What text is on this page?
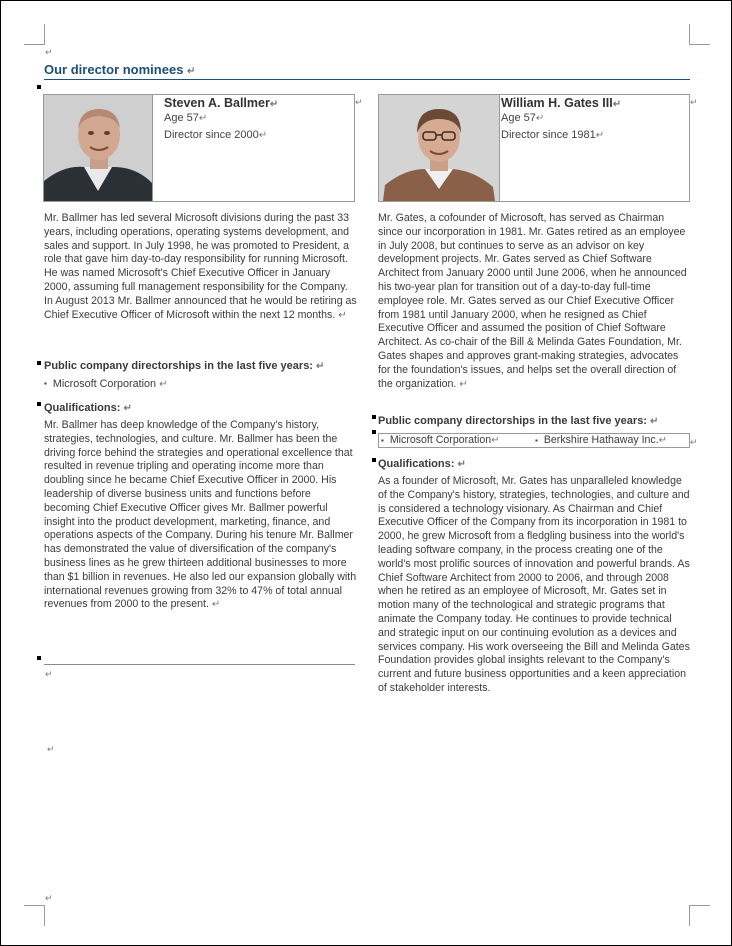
↵
↵
↵
↵
Our director nominees ↵
Steven A. Ballmer↵
Age 57↵
Director since 2000↵
↵
Mr. Ballmer has led several Microsoft divisions during the past 33 years, including operations, operating systems development, and sales and support. In July 1998, he was promoted to President, a role that gave him day-to-day responsibility for running Microsoft. He was named Microsoft's Chief Executive Officer in January 2000, assuming full management responsibility for the Company. In August 2013 Mr. Ballmer announced that he would be retiring as Chief Executive Officer of Microsoft within the next 12 months. ↵
Public company directorships in the last five years: ↵
▪ Microsoft Corporation ↵
Qualifications: ↵
Mr. Ballmer has deep knowledge of the Company's history, strategies, technologies, and culture. Mr. Ballmer has been the driving force behind the strategies and operational excellence that resulted in revenue tripling and operating income more than doubling since he became Chief Executive Officer in 2000. His leadership of diverse business units and functions before becoming Chief Executive Officer gives Mr. Ballmer powerful insight into the product development, marketing, finance, and operations aspects of the Company. During his tenure Mr. Ballmer has demonstrated the value of diversification of the company's business lines as he grew thirteen additional businesses to more than $1 billion in revenues. He also led our expansion globally with international revenues growing from 32% to 47% of total annual revenues from 2000 to the present. ↵
William H. Gates III↵
Age 57↵
Director since 1981↵
↵
Mr. Gates, a cofounder of Microsoft, has served as Chairman since our incorporation in 1981. Mr. Gates retired as an employee in July 2008, but continues to serve as an advisor on key development projects. Mr. Gates served as Chief Software Architect from January 2000 until June 2006, when he announced his two-year plan for transition out of a day-to-day full-time employee role. Mr. Gates served as our Chief Executive Officer from 1981 until January 2000, when he resigned as Chief Executive Officer and assumed the position of Chief Software Architect. As co-chair of the Bill & Melinda Gates Foundation, Mr. Gates shapes and approves grant-making strategies, advocates for the foundation's issues, and helps set the overall direction of the organization. ↵
Public company directorships in the last five years: ↵
▪ Microsoft Corporation↵
▪	Berkshire Hathaway Inc.↵	↵
Qualifications: ↵
As a founder of Microsoft, Mr. Gates has unparalleled knowledge of the Company's history, strategies, technologies, and culture and is considered a technology visionary. As Chairman and Chief Executive Officer of the Company from its incorporation in 1981 to 2000, he grew Microsoft from a fledgling business into the world's leading software company, in the process creating one of the world's most prolific sources of innovation and powerful brands. As Chief Software Architect from 2000 to 2006, and through 2008 when he retired as an employee of Microsoft, Mr. Gates set in motion many of the technological and strategic programs that animate the Company today. He continues to provide technical and strategic input on our continuing evolution as a devices and services company. His work overseeing the Bill and Melinda Gates Foundation provides global insights relevant to the Company's current and future business opportunities and a keen appreciation of stakeholder interests.
